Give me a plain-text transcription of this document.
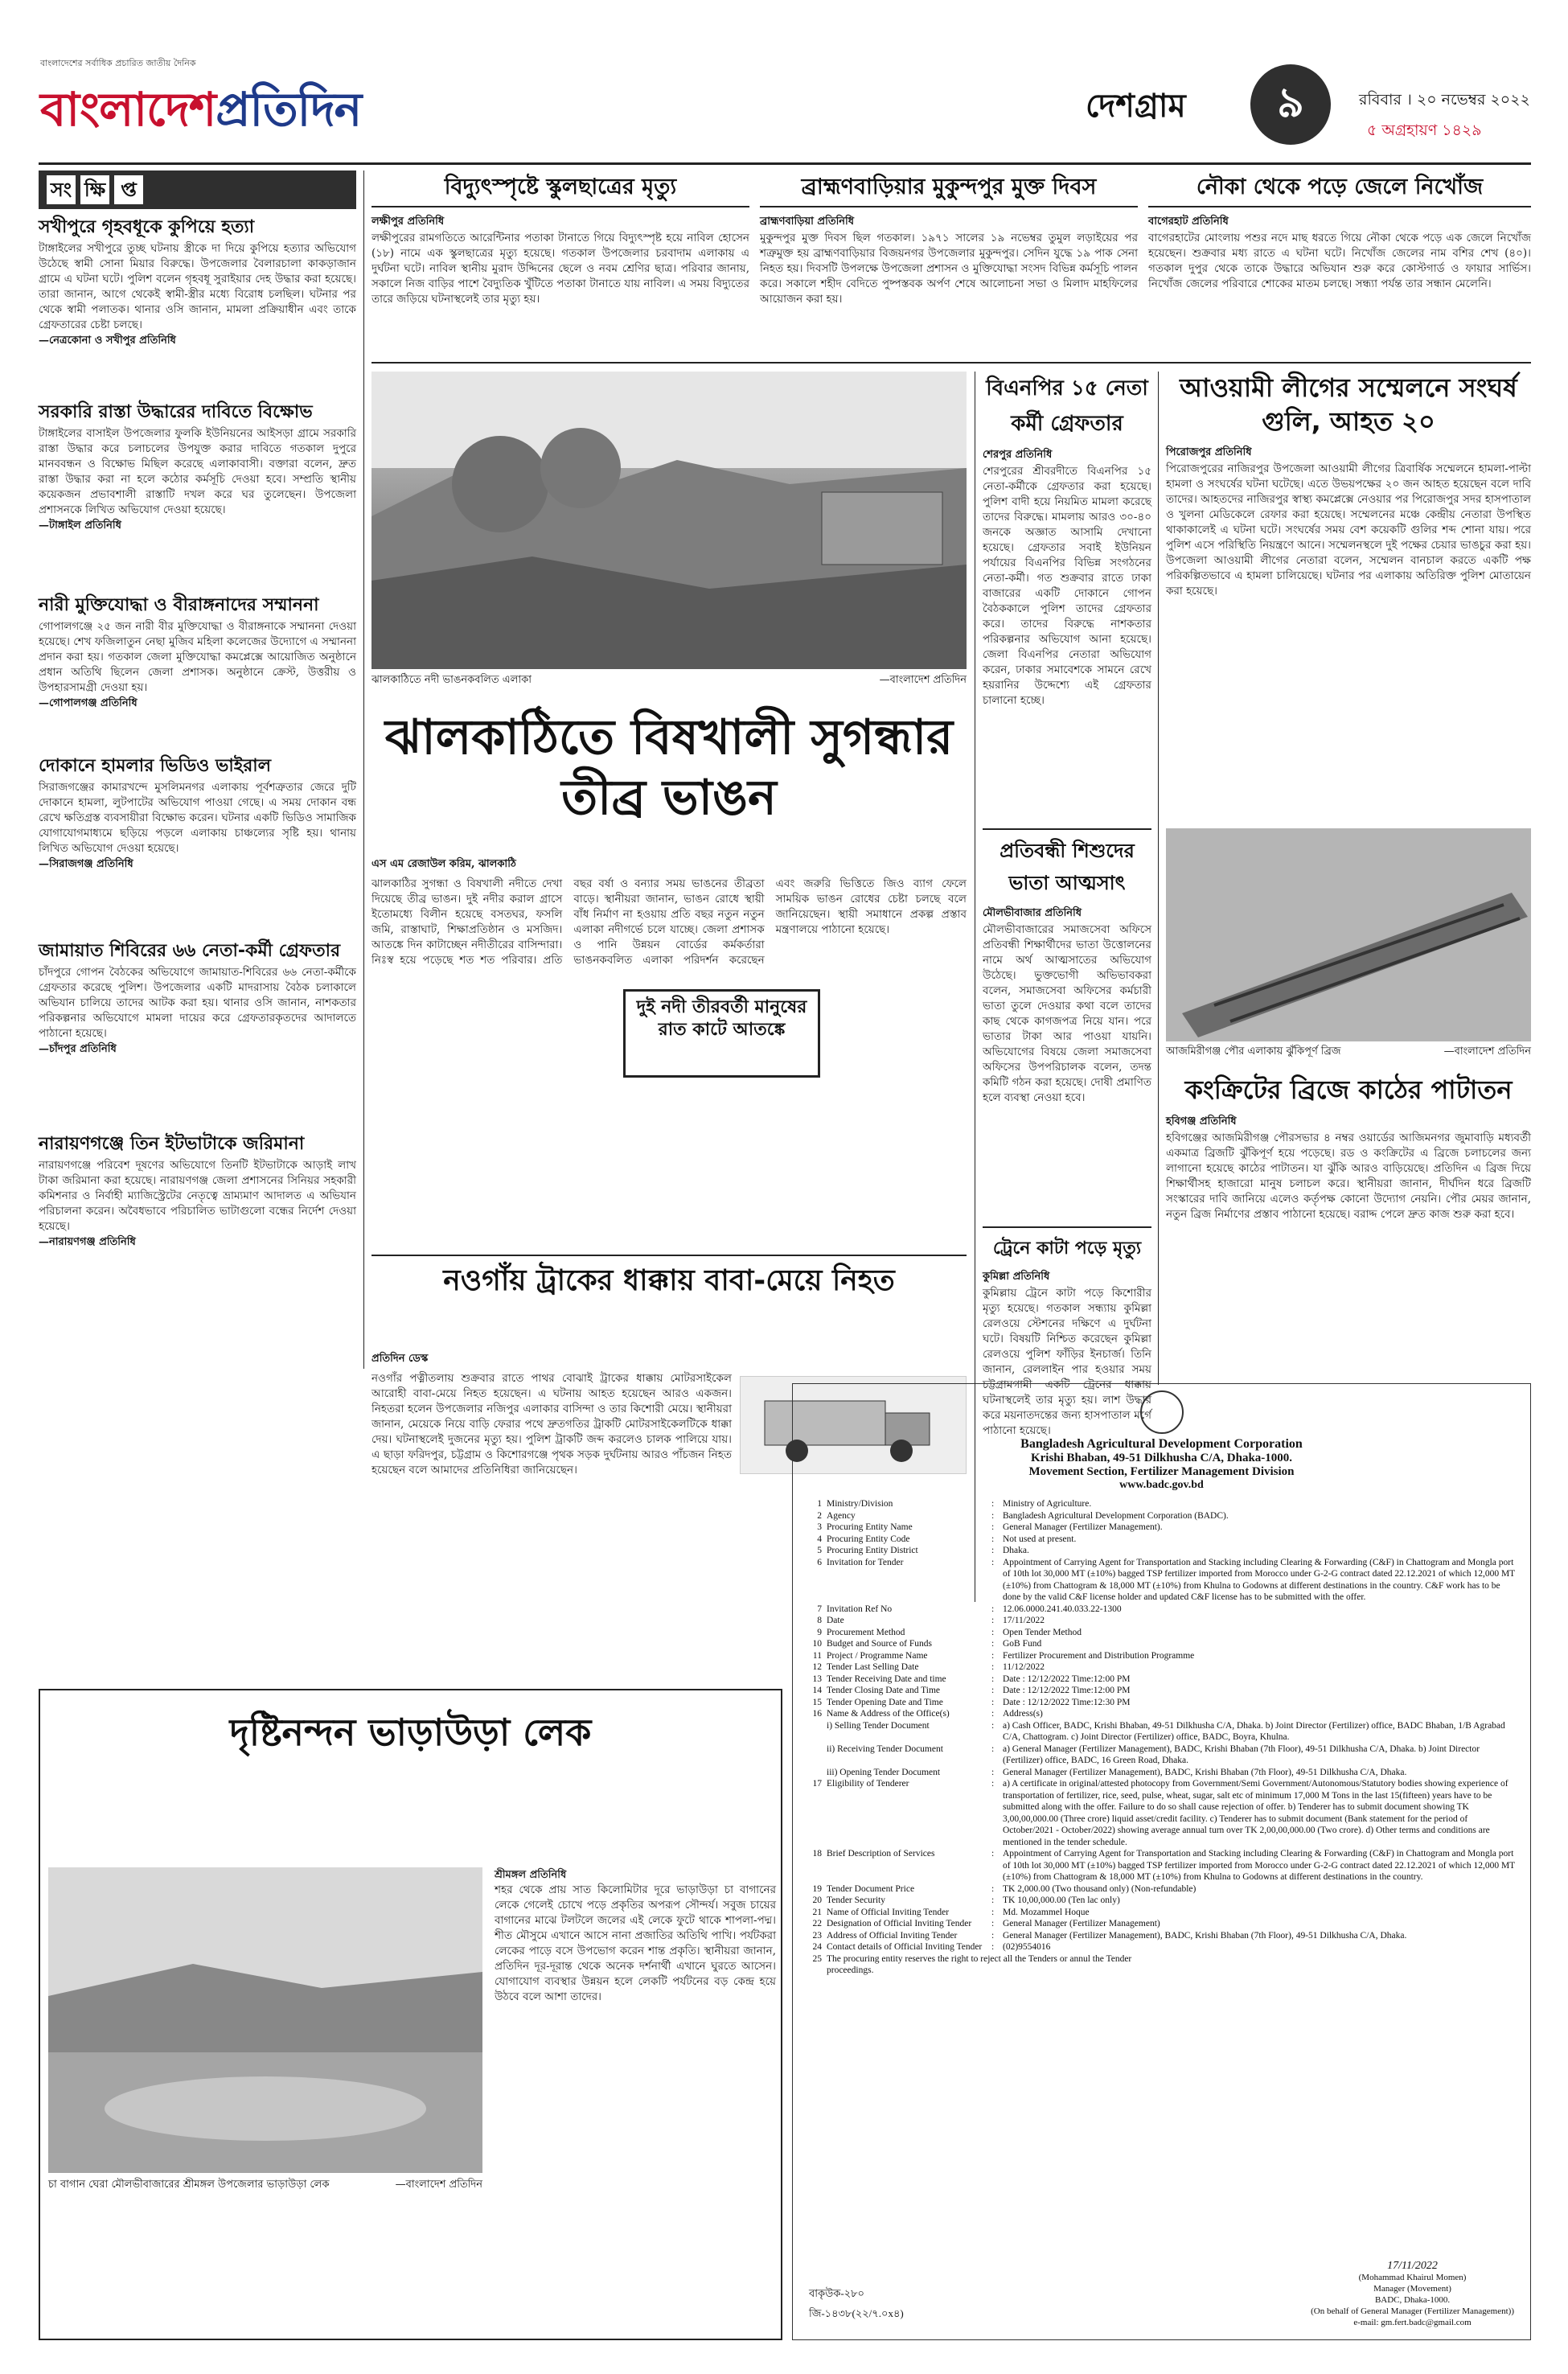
বাংলাদেশের সর্বাধিক প্রচারিত জাতীয় দৈনিক
বাংলাদেশপ্রতিদিন	দেশগ্রাম	৯	রবিবার । ২০ নভেম্বর ২০২২
৫ অগ্রহায়ণ ১৪২৯
সং ক্ষি প্ত
সখীপুরে গৃহবধূকে কুপিয়ে হত্যা
টাঙ্গাইলের সখীপুরে তুচ্ছ ঘটনায় স্ত্রীকে দা দিয়ে কুপিয়ে হত্যার অভিযোগ উঠেছে স্বামী সোনা মিয়ার বিরুদ্ধে। উপজেলার বৈলারচালা কাকড়াজান গ্রামে এ ঘটনা ঘটে। পুলিশ বলেন গৃহবধূ সুরাইয়ার দেহ উদ্ধার করা হয়েছে। তারা জানান, আগে থেকেই স্বামী-স্ত্রীর মধ্যে বিরোধ চলছিল। ঘটনার পর থেকে স্বামী পলাতক। থানার ওসি জানান, মামলা প্রক্রিয়াধীন এবং তাকে গ্রেফতারের চেষ্টা চলছে।
—নেত্রকোনা ও সখীপুর প্রতিনিধি
সরকারি রাস্তা উদ্ধারের দাবিতে বিক্ষোভ
টাঙ্গাইলের বাসাইল উপজেলার ফুলকি ইউনিয়নের আইসড়া গ্রামে সরকারি রাস্তা উদ্ধার করে চলাচলের উপযুক্ত করার দাবিতে গতকাল দুপুরে মানববন্ধন ও বিক্ষোভ মিছিল করেছে এলাকাবাসী। বক্তারা বলেন, দ্রুত রাস্তা উদ্ধার করা না হলে কঠোর কর্মসূচি দেওয়া হবে। সম্প্রতি স্থানীয় কয়েকজন প্রভাবশালী রাস্তাটি দখল করে ঘর তুলেছেন। উপজেলা প্রশাসনকে লিখিত অভিযোগ দেওয়া হয়েছে।
—টাঙ্গাইল প্রতিনিধি
নারী মুক্তিযোদ্ধা ও বীরাঙ্গনাদের সম্মাননা
গোপালগঞ্জে ২৫ জন নারী বীর মুক্তিযোদ্ধা ও বীরাঙ্গনাকে সম্মাননা দেওয়া হয়েছে। শেখ ফজিলাতুন নেছা মুজিব মহিলা কলেজের উদ্যোগে এ সম্মাননা প্রদান করা হয়। গতকাল জেলা মুক্তিযোদ্ধা কমপ্লেক্সে আয়োজিত অনুষ্ঠানে প্রধান অতিথি ছিলেন জেলা প্রশাসক। অনুষ্ঠানে ক্রেস্ট, উত্তরীয় ও উপহারসামগ্রী দেওয়া হয়।
—গোপালগঞ্জ প্রতিনিধি
দোকানে হামলার ভিডিও ভাইরাল
সিরাজগঞ্জের কামারখন্দে মুসলিমনগর এলাকায় পূর্বশত্রুতার জেরে দুটি দোকানে হামলা, লুটপাটের অভিযোগ পাওয়া গেছে। এ সময় দোকান বন্ধ রেখে ক্ষতিগ্রস্ত ব্যবসায়ীরা বিক্ষোভ করেন। ঘটনার একটি ভিডিও সামাজিক যোগাযোগমাধ্যমে ছড়িয়ে পড়লে এলাকায় চাঞ্চল্যের সৃষ্টি হয়। থানায় লিখিত অভিযোগ দেওয়া হয়েছে।
—সিরাজগঞ্জ প্রতিনিধি
জামায়াত শিবিরের ৬৬ নেতা-কর্মী গ্রেফতার
চাঁদপুরে গোপন বৈঠকের অভিযোগে জামায়াত-শিবিরের ৬৬ নেতা-কর্মীকে গ্রেফতার করেছে পুলিশ। উপজেলার একটি মাদরাসায় বৈঠক চলাকালে অভিযান চালিয়ে তাদের আটক করা হয়। থানার ওসি জানান, নাশকতার পরিকল্পনার অভিযোগে মামলা দায়ের করে গ্রেফতারকৃতদের আদালতে পাঠানো হয়েছে।
—চাঁদপুর প্রতিনিধি
নারায়ণগঞ্জে তিন ইটভাটাকে জরিমানা
নারায়ণগঞ্জে পরিবেশ দূষণের অভিযোগে তিনটি ইটভাটাকে আড়াই লাখ টাকা জরিমানা করা হয়েছে। নারায়ণগঞ্জ জেলা প্রশাসনের সিনিয়র সহকারী কমিশনার ও নির্বাহী ম্যাজিস্ট্রেটের নেতৃত্বে ভ্রাম্যমাণ আদালত এ অভিযান পরিচালনা করেন। অবৈধভাবে পরিচালিত ভাটাগুলো বন্ধের নির্দেশ দেওয়া হয়েছে।
—নারায়ণগঞ্জ প্রতিনিধি
বিদ্যুৎস্পৃষ্টে স্কুলছাত্রের মৃত্যু
লক্ষীপুর প্রতিনিধি
লক্ষীপুরের রামগতিতে আরেন্টিনার পতাকা টানাতে গিয়ে বিদ্যুৎস্পৃষ্ট হয়ে নাবিল হোসেন (১৮) নামে এক স্কুলছাত্রের মৃত্যু হয়েছে। গতকাল উপজেলার চরবাদাম এলাকায় এ দুর্ঘটনা ঘটে। নাবিল স্থানীয় মুরাদ উদ্দিনের ছেলে ও নবম শ্রেণির ছাত্র। পরিবার জানায়, সকালে নিজ বাড়ির পাশে বৈদ্যুতিক খুঁটিতে পতাকা টানাতে যায় নাবিল। এ সময় বিদ্যুতের তারে জড়িয়ে ঘটনাস্থলেই তার মৃত্যু হয়।
ব্রাহ্মণবাড়িয়ার মুকুন্দপুর মুক্ত দিবস
ব্রাহ্মণবাড়িয়া প্রতিনিধি
মুকুন্দপুর মুক্ত দিবস ছিল গতকাল। ১৯৭১ সালের ১৯ নভেম্বর তুমুল লড়াইয়ের পর শত্রুমুক্ত হয় ব্রাহ্মণবাড়িয়ার বিজয়নগর উপজেলার মুকুন্দপুর। সেদিন যুদ্ধে ১৯ পাক সেনা নিহত হয়। দিবসটি উপলক্ষে উপজেলা প্রশাসন ও মুক্তিযোদ্ধা সংসদ বিভিন্ন কর্মসূচি পালন করে। সকালে শহীদ বেদিতে পুষ্পস্তবক অর্পণ শেষে আলোচনা সভা ও মিলাদ মাহফিলের আয়োজন করা হয়।
নৌকা থেকে পড়ে জেলে নিখোঁজ
বাগেরহাট প্রতিনিধি
বাগেরহাটের মোংলায় পশুর নদে মাছ ধরতে গিয়ে নৌকা থেকে পড়ে এক জেলে নিখোঁজ হয়েছেন। শুক্রবার মধ্য রাতে এ ঘটনা ঘটে। নিখোঁজ জেলের নাম বশির শেখ (৪০)। গতকাল দুপুর থেকে তাকে উদ্ধারে অভিযান শুরু করে কোস্টগার্ড ও ফায়ার সার্ভিস। নিখোঁজ জেলের পরিবারে শোকের মাতম চলছে। সন্ধ্যা পর্যন্ত তার সন্ধান মেলেনি।
ঝালকাঠিতে নদী ভাঙনকবলিত এলাকা	—বাংলাদেশ প্রতিদিন
ঝালকাঠিতে বিষখালী সুগন্ধার তীব্র ভাঙন
এস এম রেজাউল করিম, ঝালকাঠি
ঝালকাঠির সুগন্ধা ও বিষখালী নদীতে দেখা দিয়েছে তীব্র ভাঙন। দুই নদীর করাল গ্রাসে ইতোমধ্যে বিলীন হয়েছে বসতঘর, ফসলি জমি, রাস্তাঘাট, শিক্ষাপ্রতিষ্ঠান ও মসজিদ। আতঙ্কে দিন কাটাচ্ছেন নদীতীরের বাসিন্দারা। নিঃস্ব হয়ে পড়েছে শত শত পরিবার। প্রতি বছর বর্ষা ও বন্যার সময় ভাঙনের তীব্রতা বাড়ে। স্থানীয়রা জানান, ভাঙন রোধে স্থায়ী বাঁধ নির্মাণ না হওয়ায় প্রতি বছর নতুন নতুন এলাকা নদীগর্ভে চলে যাচ্ছে। জেলা প্রশাসক ও পানি উন্নয়ন বোর্ডের কর্মকর্তারা ভাঙনকবলিত এলাকা পরিদর্শন করেছেন এবং জরুরি ভিত্তিতে জিও ব্যাগ ফেলে সাময়িক ভাঙন রোধের চেষ্টা চলছে বলে জানিয়েছেন। স্থায়ী সমাধানে প্রকল্প প্রস্তাব মন্ত্রণালয়ে পাঠানো হয়েছে।
দুই নদী তীরবর্তী মানুষের রাত কাটে আতঙ্কে
নওগাঁয় ট্রাকের ধাক্কায় বাবা-মেয়ে নিহত
প্রতিদিন ডেস্ক
নওগাঁর পত্নীতলায় শুক্রবার রাতে পাথর বোঝাই ট্রাকের ধাক্কায় মোটরসাইকেল আরোহী বাবা-মেয়ে নিহত হয়েছেন। এ ঘটনায় আহত হয়েছেন আরও একজন। নিহতরা হলেন উপজেলার নজিপুর এলাকার বাসিন্দা ও তার কিশোরী মেয়ে। স্থানীয়রা জানান, মেয়েকে নিয়ে বাড়ি ফেরার পথে দ্রুতগতির ট্রাকটি মোটরসাইকেলটিকে ধাক্কা দেয়। ঘটনাস্থলেই দুজনের মৃত্যু হয়। পুলিশ ট্রাকটি জব্দ করলেও চালক পালিয়ে যায়। এ ছাড়া ফরিদপুর, চট্টগ্রাম ও কিশোরগঞ্জে পৃথক সড়ক দুর্ঘটনায় আরও পাঁচজন নিহত হয়েছেন বলে আমাদের প্রতিনিধিরা জানিয়েছেন।
বিএনপির ১৫ নেতা কর্মী গ্রেফতার
শেরপুর প্রতিনিধি
শেরপুরের শ্রীবরদীতে বিএনপির ১৫ নেতা-কর্মীকে গ্রেফতার করা হয়েছে। পুলিশ বাদী হয়ে নিয়মিত মামলা করেছে তাদের বিরুদ্ধে। মামলায় আরও ৩০-৪০ জনকে অজ্ঞাত আসামি দেখানো হয়েছে। গ্রেফতার সবাই ইউনিয়ন পর্যায়ের বিএনপির বিভিন্ন সংগঠনের নেতা-কর্মী। গত শুক্রবার রাতে ঢাকা বাজারের একটি দোকানে গোপন বৈঠককালে পুলিশ তাদের গ্রেফতার করে। তাদের বিরুদ্ধে নাশকতার পরিকল্পনার অভিযোগ আনা হয়েছে। জেলা বিএনপির নেতারা অভিযোগ করেন, ঢাকার সমাবেশকে সামনে রেখে হয়রানির উদ্দেশ্যে এই গ্রেফতার চালানো হচ্ছে।
প্রতিবন্ধী শিশুদের ভাতা আত্মসাৎ
মৌলভীবাজার প্রতিনিধি
মৌলভীবাজারের সমাজসেবা অফিসে প্রতিবন্ধী শিক্ষার্থীদের ভাতা উত্তোলনের নামে অর্থ আত্মসাতের অভিযোগ উঠেছে। ভুক্তভোগী অভিভাবকরা বলেন, সমাজসেবা অফিসের কর্মচারী ভাতা তুলে দেওয়ার কথা বলে তাদের কাছ থেকে কাগজপত্র নিয়ে যান। পরে ভাতার টাকা আর পাওয়া যায়নি। অভিযোগের বিষয়ে জেলা সমাজসেবা অফিসের উপপরিচালক বলেন, তদন্ত কমিটি গঠন করা হয়েছে। দোষী প্রমাণিত হলে ব্যবস্থা নেওয়া হবে।
ট্রেনে কাটা পড়ে মৃত্যু
কুমিল্লা প্রতিনিধি
কুমিল্লায় ট্রেনে কাটা পড়ে কিশোরীর মৃত্যু হয়েছে। গতকাল সন্ধ্যায় কুমিল্লা রেলওয়ে স্টেশনের দক্ষিণে এ দুর্ঘটনা ঘটে। বিষয়টি নিশ্চিত করেছেন কুমিল্লা রেলওয়ে পুলিশ ফাঁড়ির ইনচার্জ। তিনি জানান, রেললাইন পার হওয়ার সময় চট্টগ্রামগামী একটি ট্রেনের ধাক্কায় ঘটনাস্থলেই তার মৃত্যু হয়। লাশ উদ্ধার করে ময়নাতদন্তের জন্য হাসপাতাল মর্গে পাঠানো হয়েছে।
আওয়ামী লীগের সম্মেলনে সংঘর্ষ গুলি, আহত ২০
পিরোজপুর প্রতিনিধি
পিরোজপুরের নাজিরপুর উপজেলা আওয়ামী লীগের ত্রিবার্ষিক সম্মেলনে হামলা-পাল্টা হামলা ও সংঘর্ষের ঘটনা ঘটেছে। এতে উভয়পক্ষের ২০ জন আহত হয়েছেন বলে দাবি তাদের। আহতদের নাজিরপুর স্বাস্থ্য কমপ্লেক্সে নেওয়ার পর পিরোজপুর সদর হাসপাতাল ও খুলনা মেডিকেলে রেফার করা হয়েছে। সম্মেলনের মঞ্চে কেন্দ্রীয় নেতারা উপস্থিত থাকাকালেই এ ঘটনা ঘটে। সংঘর্ষের সময় বেশ কয়েকটি গুলির শব্দ শোনা যায়। পরে পুলিশ এসে পরিস্থিতি নিয়ন্ত্রণে আনে। সম্মেলনস্থলে দুই পক্ষের চেয়ার ভাঙচুর করা হয়। উপজেলা আওয়ামী লীগের নেতারা বলেন, সম্মেলন বানচাল করতে একটি পক্ষ পরিকল্পিতভাবে এ হামলা চালিয়েছে। ঘটনার পর এলাকায় অতিরিক্ত পুলিশ মোতায়েন করা হয়েছে।
আজমিরীগঞ্জ পৌর এলাকায় ঝুঁকিপূর্ণ ব্রিজ	—বাংলাদেশ প্রতিদিন
কংক্রিটের ব্রিজে কাঠের পাটাতন
হবিগঞ্জ প্রতিনিধি
হবিগঞ্জের আজমিরীগঞ্জ পৌরসভার ৪ নম্বর ওয়ার্ডের আজিমনগর জুমাবাড়ি মধ্যবর্তী একমাত্র ব্রিজটি ঝুঁকিপূর্ণ হয়ে পড়েছে। রড ও কংক্রিটের এ ব্রিজে চলাচলের জন্য লাগানো হয়েছে কাঠের পাটাতন। যা ঝুঁকি আরও বাড়িয়েছে। প্রতিদিন এ ব্রিজ দিয়ে শিক্ষার্থীসহ হাজারো মানুষ চলাচল করে। স্থানীয়রা জানান, দীর্ঘদিন ধরে ব্রিজটি সংস্কারের দাবি জানিয়ে এলেও কর্তৃপক্ষ কোনো উদ্যোগ নেয়নি। পৌর মেয়র জানান, নতুন ব্রিজ নির্মাণের প্রস্তাব পাঠানো হয়েছে। বরাদ্দ পেলে দ্রুত কাজ শুরু করা হবে।
Bangladesh Agricultural Development Corporation
Krishi Bhaban, 49-51 Dilkhusha C/A, Dhaka-1000.
Movement Section, Fertilizer Management Division
www.badc.gov.bd
1 Ministry/Division	: Ministry of Agriculture.
2 Agency	: Bangladesh Agricultural Development Corporation (BADC).
3 Procuring Entity Name	: General Manager (Fertilizer Management).
4 Procuring Entity Code	: Not used at present.
5 Procuring Entity District	: Dhaka.
6 Invitation for Tender	: Appointment of Carrying Agent for Transportation and Stacking including Clearing & Forwarding (C&F) in Chattogram and Mongla port of 10th lot 30,000 MT (±10%) bagged TSP fertilizer imported from Morocco under G-2-G contract dated 22.12.2021 of which 12,000 MT (±10%) from Chattogram & 18,000 MT (±10%) from Khulna to Godowns at different destinations in the country. C&F work has to be done by the valid C&F license holder and updated C&F license has to be submitted with the offer.
7 Invitation Ref No	: 12.06.0000.241.40.033.22-1300
8 Date	: 17/11/2022
9 Procurement Method	: Open Tender Method
10 Budget and Source of Funds	: GoB Fund
11 Project / Programme Name	: Fertilizer Procurement and Distribution Programme
12 Tender Last Selling Date	: 11/12/2022
13 Tender Receiving Date and time	: Date : 12/12/2022 Time:12:00 PM
14 Tender Closing Date and Time	: Date : 12/12/2022 Time:12:00 PM
15 Tender Opening Date and Time	: Date : 12/12/2022 Time:12:30 PM
16 Name & Address of the Office(s)	: Address(s)
i) Selling Tender Document	: a) Cash Officer, BADC, Krishi Bhaban, 49-51 Dilkhusha C/A, Dhaka. b) Joint Director (Fertilizer) office, BADC Bhaban, 1/B Agrabad C/A, Chattogram. c) Joint Director (Fertilizer) office, BADC, Boyra, Khulna.
ii) Receiving Tender Document	: a) General Manager (Fertilizer Management), BADC, Krishi Bhaban (7th Floor), 49-51 Dilkhusha C/A, Dhaka. b) Joint Director (Fertilizer) office, BADC, 16 Green Road, Dhaka.
iii) Opening Tender Document	: General Manager (Fertilizer Management), BADC, Krishi Bhaban (7th Floor), 49-51 Dilkhusha C/A, Dhaka.
17 Eligibility of Tenderer	: a) A certificate in original/attested photocopy from Government/Semi Government/Autonomous/Statutory bodies showing experience of transportation of fertilizer, rice, seed, pulse, wheat, sugar, salt etc of minimum 17,000 M Tons in the last 15(fifteen) years have to be submitted along with the offer. Failure to do so shall cause rejection of offer. b) Tenderer has to submit document showing TK 3,00,00,000.00 (Three crore) liquid asset/credit facility. c) Tenderer has to submit document (Bank statement for the period of October/2021 - October/2022) showing average annual turn over TK 2,00,00,000.00 (Two crore). d) Other terms and conditions are mentioned in the tender schedule.
18 Brief Description of Services	: Appointment of Carrying Agent for Transportation and Stacking including Clearing & Forwarding (C&F) in Chattogram and Mongla port of 10th lot 30,000 MT (±10%) bagged TSP fertilizer imported from Morocco under G-2-G contract dated 22.12.2021 of which 12,000 MT (±10%) from Chattogram & 18,000 MT (±10%) from Khulna to Godowns at different destinations in the country.
19 Tender Document Price	: TK 2,000.00 (Two thousand only) (Non-refundable)
20 Tender Security	: TK 10,00,000.00 (Ten lac only)
21 Name of Official Inviting Tender	: Md. Mozammel Hoque
22 Designation of Official Inviting Tender	: General Manager (Fertilizer Management)
23 Address of Official Inviting Tender	: General Manager (Fertilizer Management), BADC, Krishi Bhaban (7th Floor), 49-51 Dilkhusha C/A, Dhaka.
24 Contact details of Official Inviting Tender	: (02)9554016
25 The procuring entity reserves the right to reject all the Tenders or annul the Tender proceedings.
17/11/2022
(Mohammad Khairul Momen)
Manager (Movement)
BADC, Dhaka-1000.
(On behalf of General Manager (Fertilizer Management))
e-mail: gm.fert.badc@gmail.com
বাকৃউক-২৮০
জি-১৪৩৮(২২/৭.০x৪)
দৃষ্টিনন্দন ভাড়াউড়া লেক
চা বাগান ঘেরা মৌলভীবাজারের শ্রীমঙ্গল উপজেলার ভাড়াউড়া লেক	—বাংলাদেশ প্রতিদিন
শ্রীমঙ্গল প্রতিনিধি
শহর থেকে প্রায় সাত কিলোমিটার দূরে ভাড়াউড়া চা বাগানের লেকে গেলেই চোখে পড়ে প্রকৃতির অপরূপ সৌন্দর্য। সবুজ চায়ের বাগানের মাঝে টলটলে জলের এই লেকে ফুটে থাকে শাপলা-পদ্ম। শীত মৌসুমে এখানে আসে নানা প্রজাতির অতিথি পাখি। পর্যটকরা লেকের পাড়ে বসে উপভোগ করেন শান্ত প্রকৃতি। স্থানীয়রা জানান, প্রতিদিন দূর-দূরান্ত থেকে অনেক দর্শনার্থী এখানে ঘুরতে আসেন। যোগাযোগ ব্যবস্থার উন্নয়ন হলে লেকটি পর্যটনের বড় কেন্দ্র হয়ে উঠবে বলে আশা তাদের।
